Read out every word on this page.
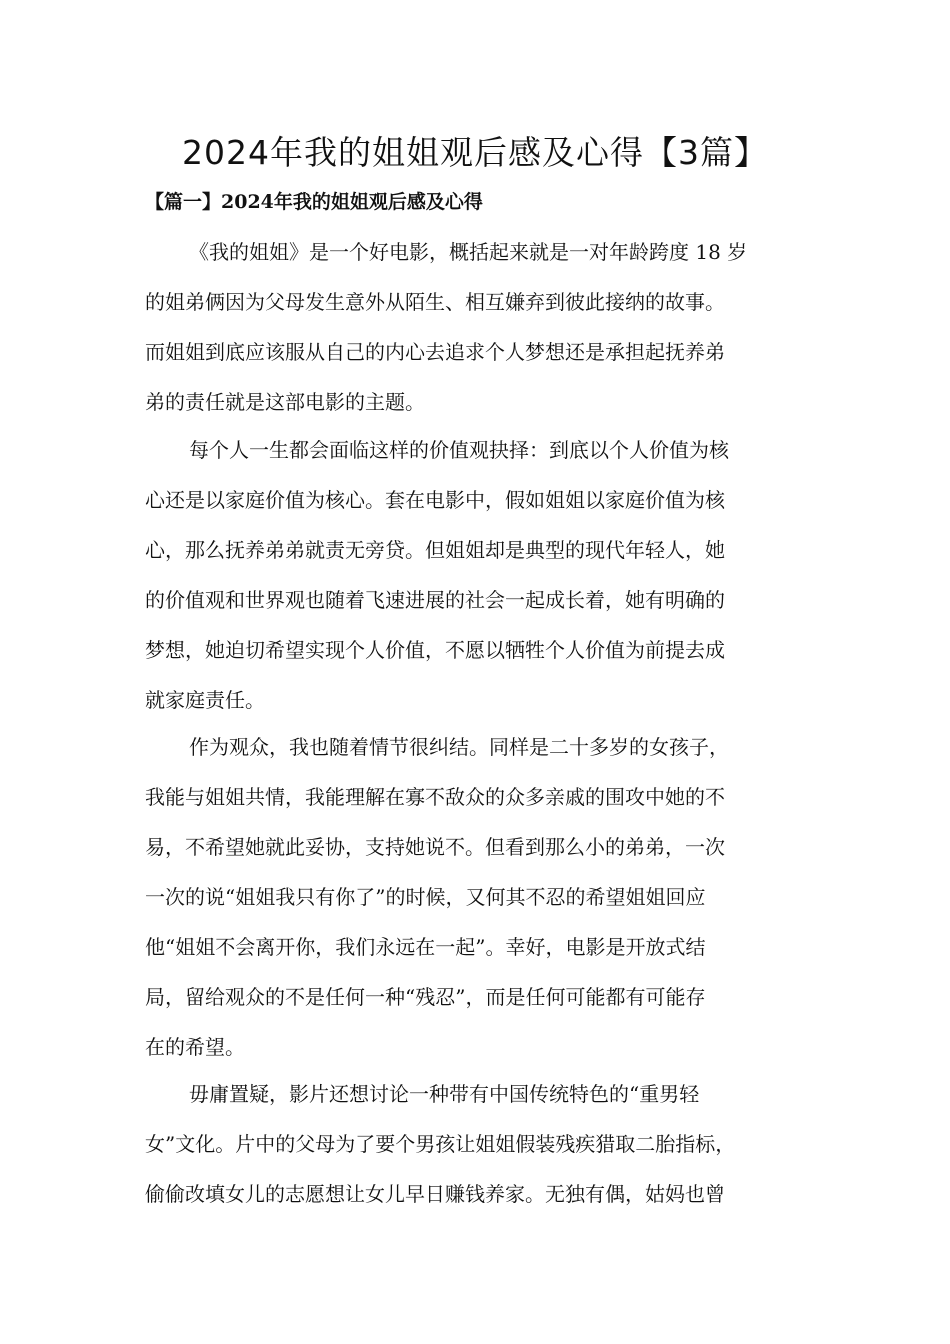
2024年我的姐姐观后感及心得【3篇】
【篇一】2024年我的姐姐观后感及心得
《我的姐姐》是一个好电影，概括起来就是一对年龄跨度 18 岁
的姐弟俩因为父母发生意外从陌生、相互嫌弃到彼此接纳的故事。
而姐姐到底应该服从自己的内心去追求个人梦想还是承担起抚养弟
弟的责任就是这部电影的主题。
每个人一生都会面临这样的价值观抉择：到底以个人价值为核
心还是以家庭价值为核心。套在电影中，假如姐姐以家庭价值为核
心，那么抚养弟弟就责无旁贷。但姐姐却是典型的现代年轻人，她
的价值观和世界观也随着飞速进展的社会一起成长着，她有明确的
梦想，她迫切希望实现个人价值，不愿以牺牲个人价值为前提去成
就家庭责任。
作为观众，我也随着情节很纠结。同样是二十多岁的女孩子，
我能与姐姐共情，我能理解在寡不敌众的众多亲戚的围攻中她的不
易，不希望她就此妥协，支持她说不。但看到那么小的弟弟，一次
一次的说“姐姐我只有你了”的时候，又何其不忍的希望姐姐回应
他“姐姐不会离开你，我们永远在一起”。幸好，电影是开放式结
局，留给观众的不是任何一种“残忍”，而是任何可能都有可能存
在的希望。
毋庸置疑，影片还想讨论一种带有中国传统特色的“重男轻
女”文化。片中的父母为了要个男孩让姐姐假装残疾猎取二胎指标，
偷偷改填女儿的志愿想让女儿早日赚钱养家。无独有偶，姑妈也曾
